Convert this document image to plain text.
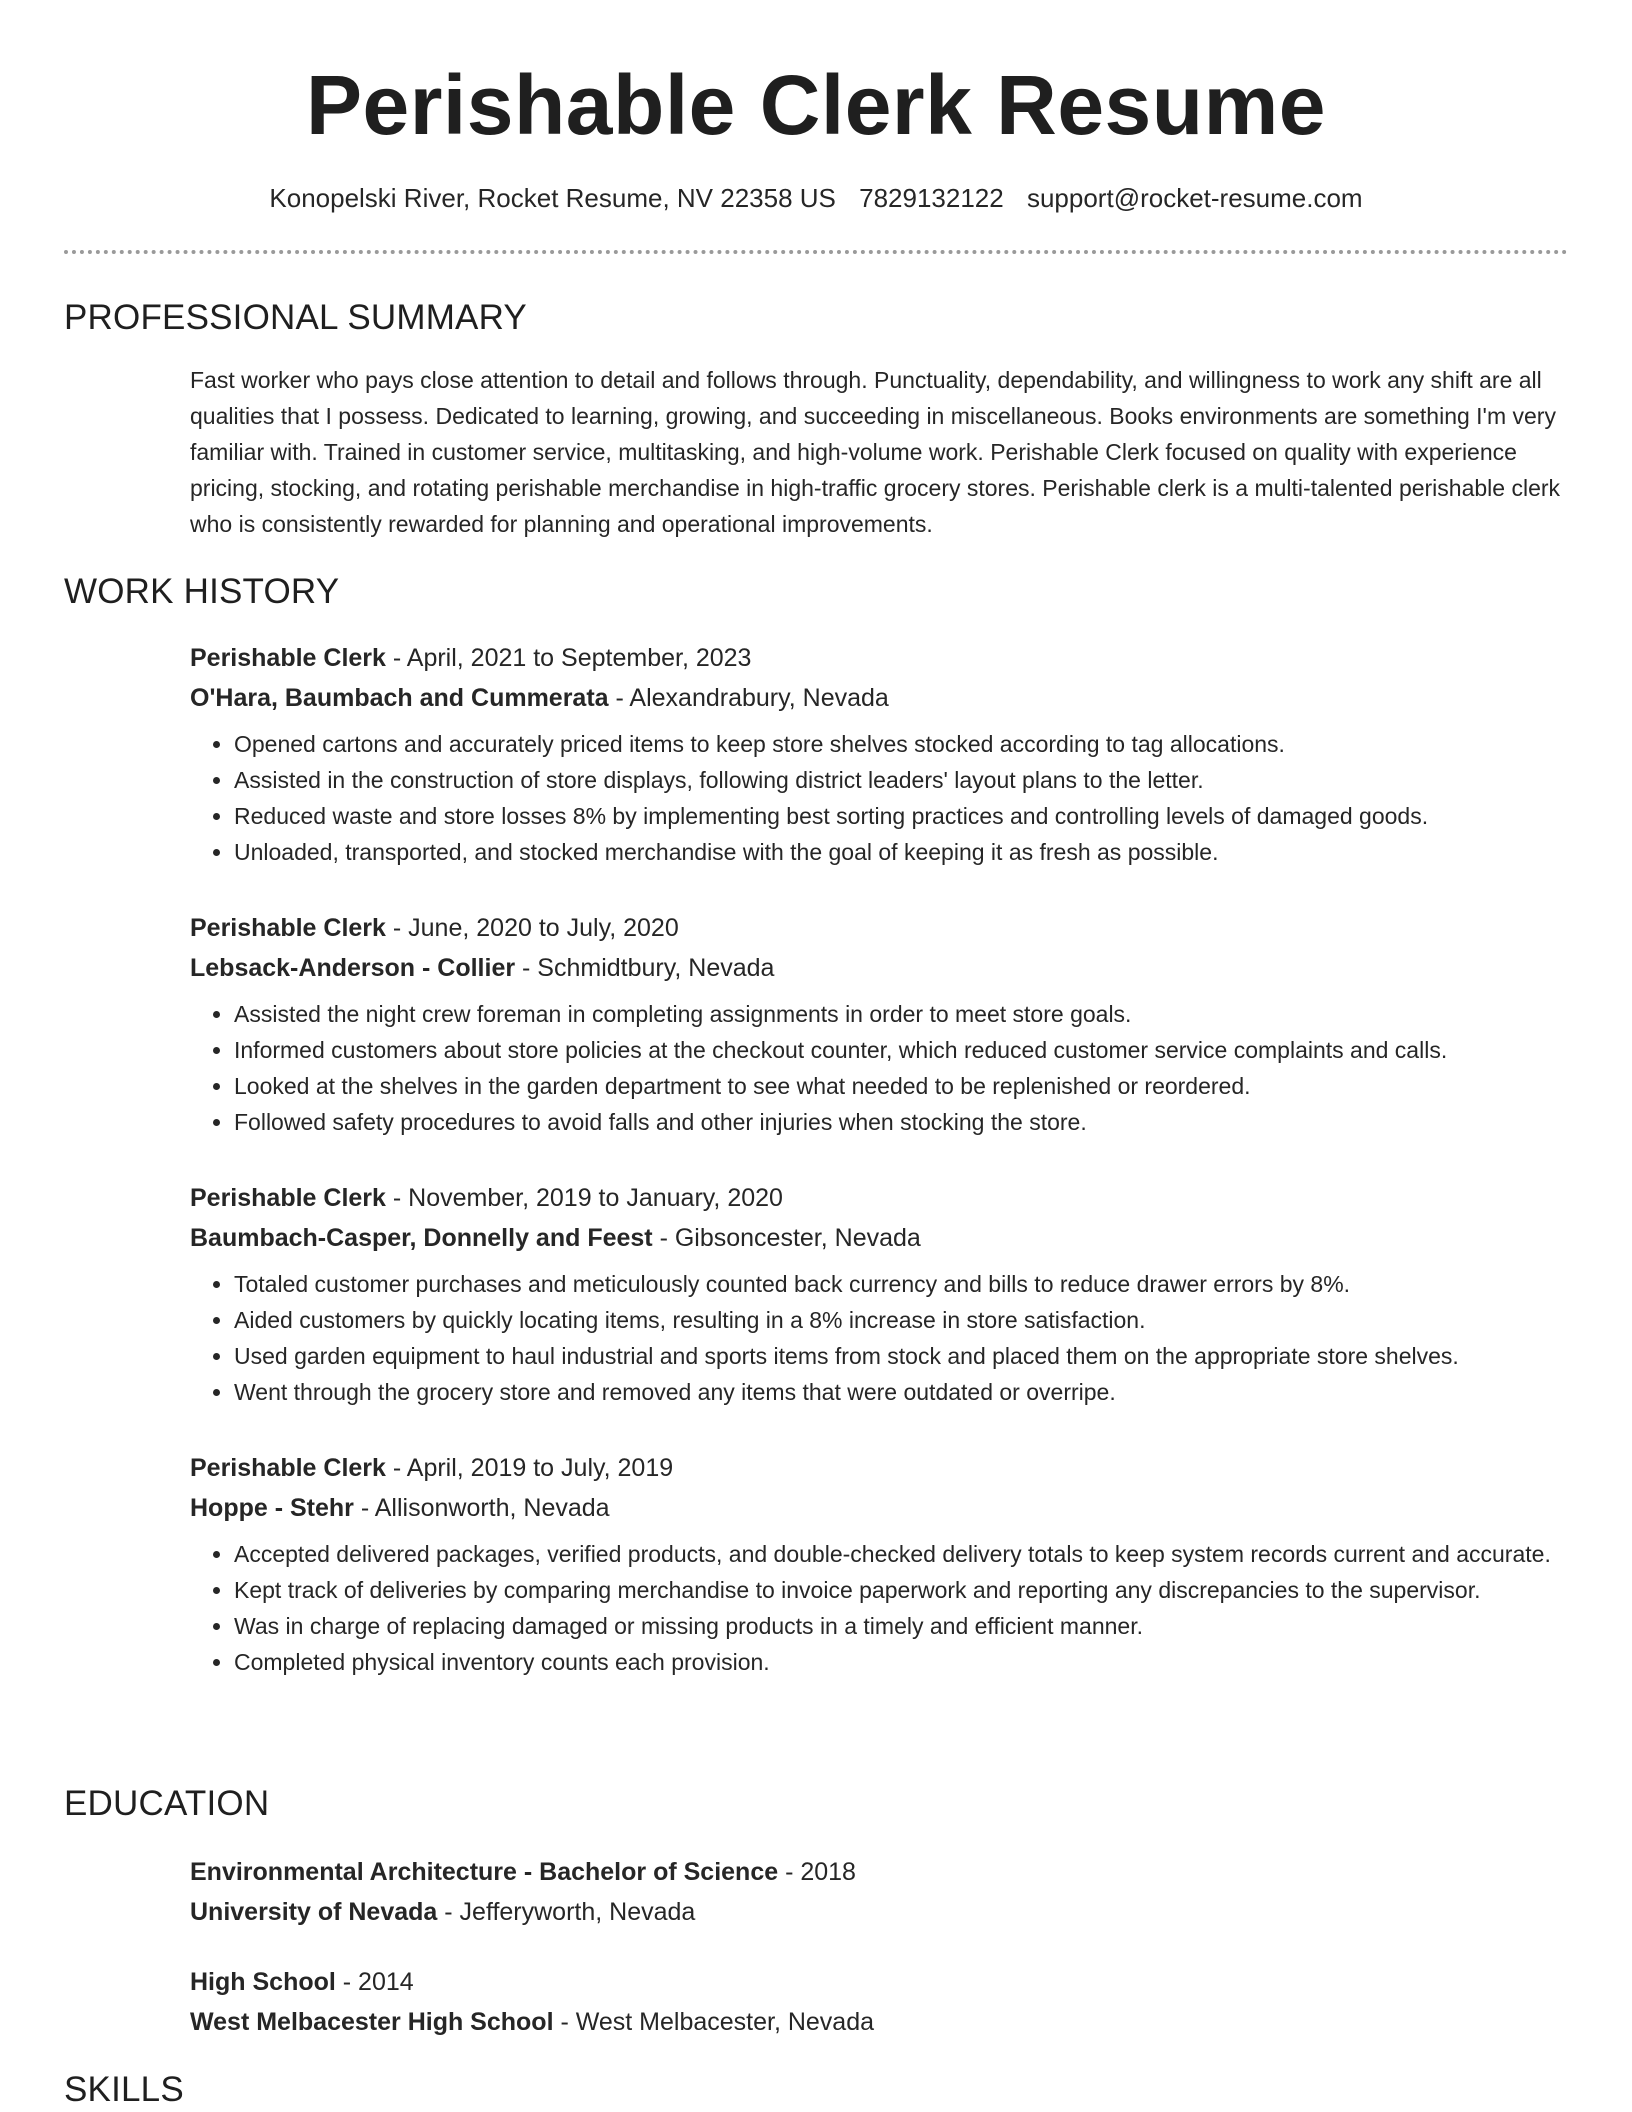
Perishable Clerk Resume
Konopelski River, Rocket Resume, NV 22358 US 7829132122 support@rocket-resume.com
PROFESSIONAL SUMMARY

Fast worker who pays close attention to detail and follows through. Punctuality, dependability, and willingness to work any shift are all qualities that I possess. Dedicated to learning, growing, and succeeding in miscellaneous. Books environments are something I'm very familiar with. Trained in customer service, multitasking, and high-volume work. Perishable Clerk focused on quality with experience pricing, stocking, and rotating perishable merchandise in high-traffic grocery stores. Perishable clerk is a multi-talented perishable clerk who is consistently rewarded for planning and operational improvements.

WORK HISTORY

Perishable Clerk - April, 2021 to September, 2023

O'Hara, Baumbach and Cummerata - Alexandrabury, Nevada

• Opened cartons and accurately priced items to keep store shelves stocked according to tag allocations.
• Assisted in the construction of store displays, following district leaders' layout plans to the letter.
• Reduced waste and store losses 8% by implementing best sorting practices and controlling levels of damaged goods.
• Unloaded, transported, and stocked merchandise with the goal of keeping it as fresh as possible.

Perishable Clerk - June, 2020 to July, 2020

Lebsack-Anderson - Collier - Schmidtbury, Nevada

• Assisted the night crew foreman in completing assignments in order to meet store goals.
• Informed customers about store policies at the checkout counter, which reduced customer service complaints and calls.
• Looked at the shelves in the garden department to see what needed to be replenished or reordered.
• Followed safety procedures to avoid falls and other injuries when stocking the store.

Perishable Clerk - November, 2019 to January, 2020

Baumbach-Casper, Donnelly and Feest - Gibsoncester, Nevada

• Totaled customer purchases and meticulously counted back currency and bills to reduce drawer errors by 8%.
• Aided customers by quickly locating items, resulting in a 8% increase in store satisfaction.
• Used garden equipment to haul industrial and sports items from stock and placed them on the appropriate store shelves.
• Went through the grocery store and removed any items that were outdated or overripe.

Perishable Clerk - April, 2019 to July, 2019

Hoppe - Stehr - Allisonworth, Nevada

• Accepted delivered packages, verified products, and double-checked delivery totals to keep system records current and accurate.
• Kept track of deliveries by comparing merchandise to invoice paperwork and reporting any discrepancies to the supervisor.
• Was in charge of replacing damaged or missing products in a timely and efficient manner.
• Completed physical inventory counts each provision.
EDUCATION

Environmental Architecture - Bachelor of Science - 2018

University of Nevada - Jefferyworth, Nevada

High School - 2014

West Melbacester High School - West Melbacester, Nevada

SKILLS
